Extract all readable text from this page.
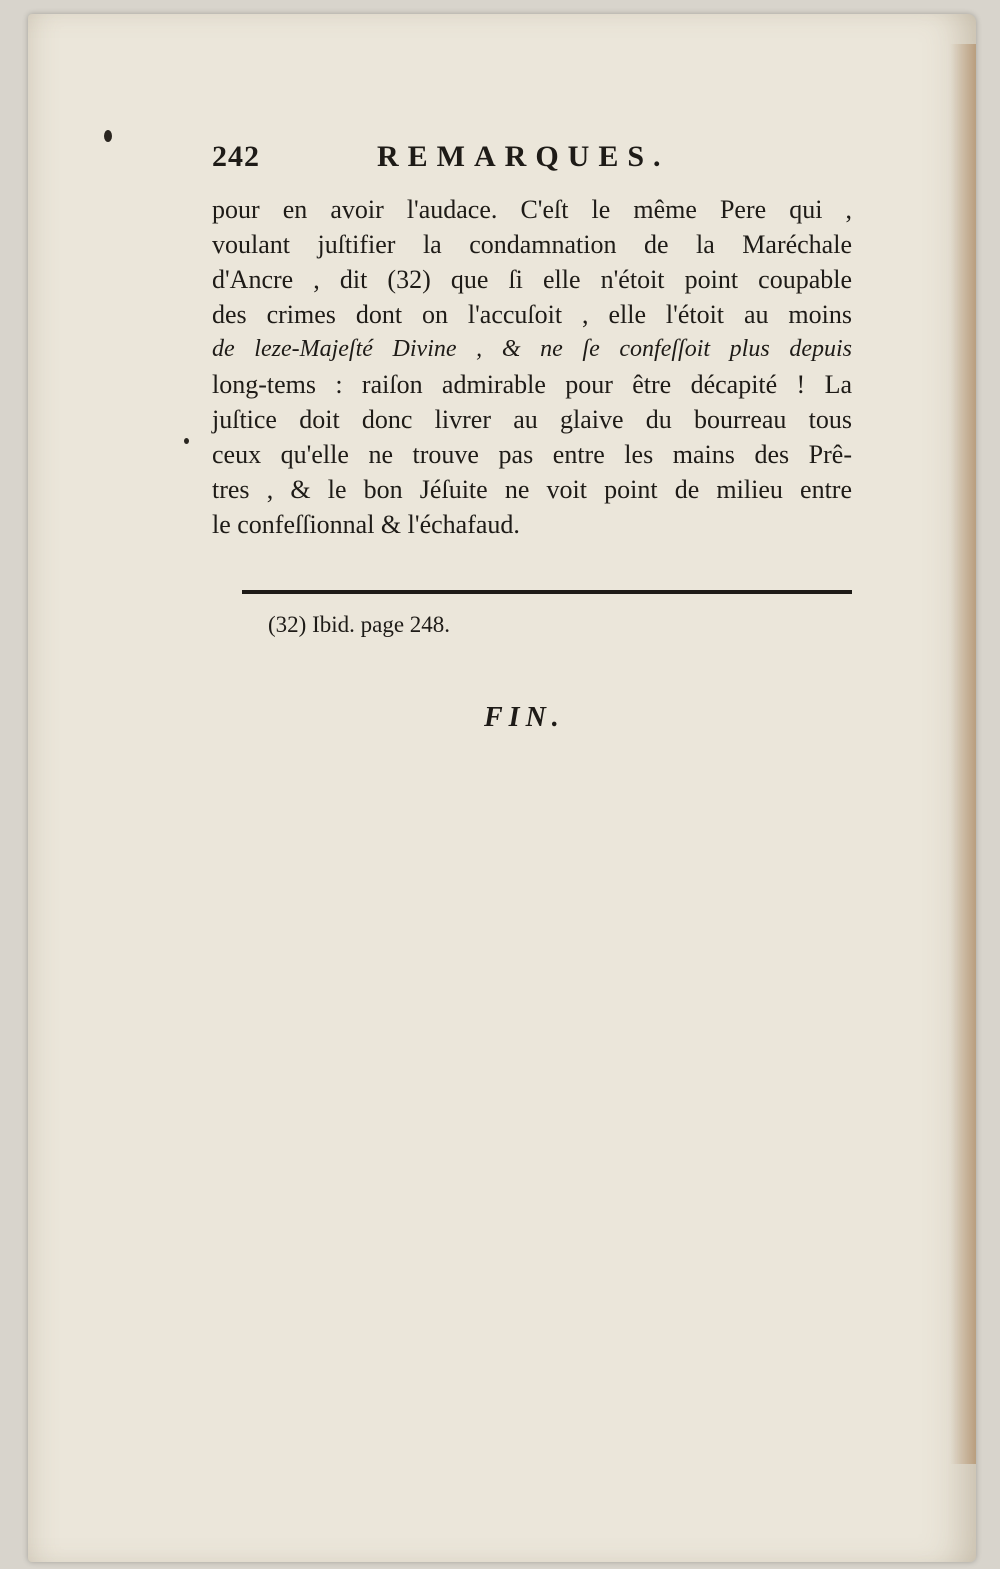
242	REMARQUES.
pour en avoir l'audace. C'eſt le même Pere qui ,
voulant juſtifier la condamnation de la Maréchale
d'Ancre , dit (32) que ſi elle n'étoit point coupable
des crimes dont on l'accuſoit , elle l'étoit au moins
de leze-Majeſté Divine , & ne ſe confeſſoit plus depuis
long-tems : raiſon admirable pour être décapité ! La
juſtice doit donc livrer au glaive du bourreau tous
ceux qu'elle ne trouve pas entre les mains des Prê-
tres , & le bon Jéſuite ne voit point de milieu entre
le confeſſionnal & l'échafaud.
(32) Ibid. page 248.
FIN.
